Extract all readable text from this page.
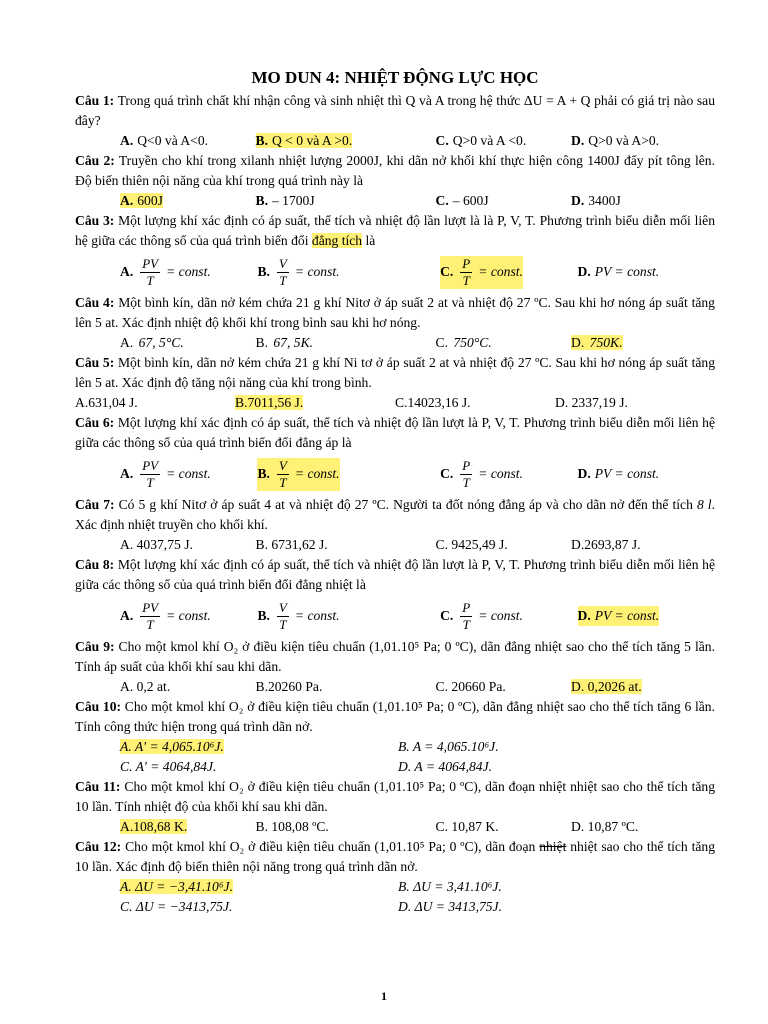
MO DUN 4: NHIỆT ĐỘNG LỰC HỌC

Câu 1: Trong quá trình chất khí nhận công và sinh nhiệt thì Q và A trong hệ thức ΔU = A + Q phải có giá trị nào sau đây?

A. Q<0 và A<0.	B. Q < 0 và A >0.	C. Q>0 và A <0.	D. Q>0 và A>0.

Câu 2: Truyền cho khí trong xilanh nhiệt lượng 2000J, khi dãn nở khối khí thực hiện công 1400J đẩy pít tông lên. Độ biến thiên nội năng của khí trong quá trình này là

A. 600J	B. – 1700J	C. – 600J	D. 3400J

Câu 3: Một lượng khí xác định có áp suất, thể tích và nhiệt độ lần lượt là là P, V, T. Phương trình biểu diễn mối liên hệ giữa các thông số của quá trình biến đổi đẳng tích là

A. $\frac{PV}{T}$ = const.	B. $\frac{V}{T}$ = const.	C. $\frac{P}{T}$ = const.	D. PV = const.

Câu 4: Một bình kín, dãn nở kém chứa 21 g khí Nitơ ở áp suất 2 at và nhiệt độ 27 ºC. Sau khi hơ nóng áp suất tăng lên 5 at. Xác định nhiệt độ khối khí trong bình sau khi hơ nóng.

A. 67, 5°C.	B. 67, 5K.	C. 750°C.	D. 750K.

Câu 5: Một bình kín, dãn nở kém chứa 21 g khí Ni tơ ở áp suất 2 at và nhiệt độ 27 ºC. Sau khi hơ nóng áp suất tăng lên 5 at. Xác định độ tăng nội năng của khí trong bình.

A.631,04 J.	B.7011,56 J.	C.14023,16 J.	D. 2337,19 J.

Câu 6: Một lượng khí xác định có áp suất, thể tích và nhiệt độ lần lượt là P, V, T. Phương trình biểu diễn mối liên hệ giữa các thông số của quá trình biến đổi đẳng áp là

A. $\frac{PV}{T}$ = const.	B. $\frac{V}{T}$ = const.	C. $\frac{P}{T}$ = const.	D. PV = const.

Câu 7: Có 5 g khí Nitơ ở áp suất 4 at và nhiệt độ 27 ºC. Người ta đốt nóng đẳng áp và cho dãn nở đến thể tích 8 l. Xác định nhiệt truyền cho khối khí.

A. 4037,75 J.	B. 6731,62 J.	C. 9425,49 J.	D.2693,87 J.

Câu 8: Một lượng khí xác định có áp suất, thể tích và nhiệt độ lần lượt là P, V, T. Phương trình biểu diễn mối liên hệ giữa các thông số của quá trình biến đổi đẳng nhiệt là

A. $\frac{PV}{T}$ = const.	B. $\frac{V}{T}$ = const.	C. $\frac{P}{T}$ = const.	D. PV = const.

Câu 9: Cho một kmol khí O₂ ở điều kiện tiêu chuẩn (1,01.10⁵ Pa; 0 ºC), dãn đẳng nhiệt sao cho thể tích tăng 5 lần. Tính áp suất của khối khí sau khi dãn.

A. 0,2 at.	B.20260 Pa.	C. 20660 Pa.	D. 0,2026 at.

Câu 10: Cho một kmol khí O₂ ở điều kiện tiêu chuẩn (1,01.10⁵ Pa; 0 ºC), dãn đẳng nhiệt sao cho thể tích tăng 6 lần. Tính công thức hiện trong quá trình dãn nở.

A. A' = 4,065.10⁶J.	B. A = 4,065.10⁶J.
C. A' = 4064,84J.	D. A = 4064,84J.

Câu 11: Cho một kmol khí O₂ ở điều kiện tiêu chuẩn (1,01.10⁵ Pa; 0 ºC), dãn đoạn nhiệt nhiệt sao cho thể tích tăng 10 lần. Tính nhiệt độ của khối khí sau khi dãn.

A.108,68 K.	B. 108,08 ºC.	C. 10,87 K.	D. 10,87 ºC.

Câu 12: Cho một kmol khí O₂ ở điều kiện tiêu chuẩn (1,01.10⁵ Pa; 0 ºC), dãn đoạn nhiệt nhiệt sao cho thể tích tăng 10 lần. Xác định độ biến thiên nội năng trong quá trình dãn nở.

A. ΔU = −3,41.10⁶J.	B. ΔU = 3,41.10⁶J.
C. ΔU = −3413,75J.	D. ΔU = 3413,75J.
1
